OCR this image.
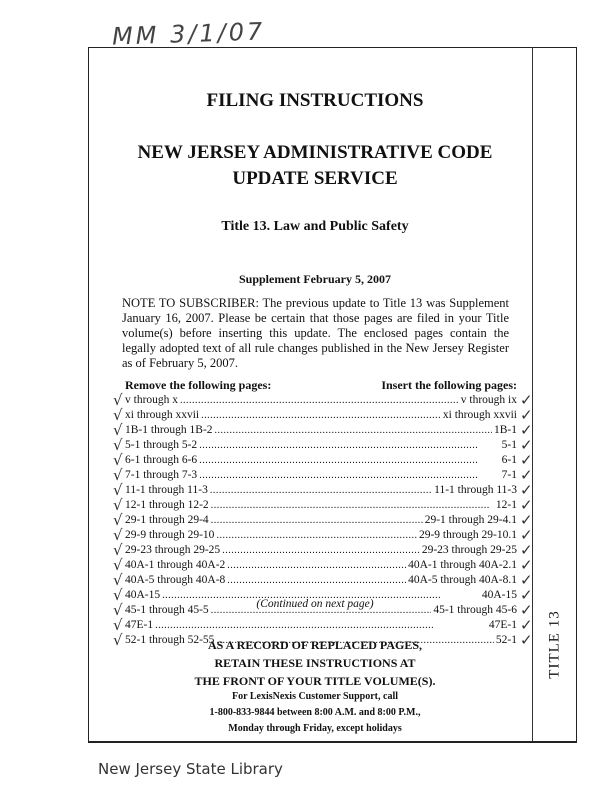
MM 3/1/07
TITLE 13
FILING INSTRUCTIONS
NEW JERSEY ADMINISTRATIVE CODE
UPDATE SERVICE
Title 13. Law and Public Safety
Supplement February 5, 2007
NOTE TO SUBSCRIBER: The previous update to Title 13 was Supplement January 16, 2007. Please be certain that those pages are filed in your Title volume(s) before inserting this update. The enclosed pages contain the legally adopted text of all rule changes published in the New Jersey Register as of February 5, 2007.
Remove the following pages:	Insert the following pages:
v through x . . .	v through ix
xi through xxvii . . .	xi through xxvii
1B-1 through 1B-2 . . .	1B-1
5-1 through 5-2 . . .	5-1
6-1 through 6-6 . . .	6-1
7-1 through 7-3 . . .	7-1
11-1 through 11-3 . . .	11-1 through 11-3
12-1 through 12-2 . . .	12-1
29-1 through 29-4 . . .	29-1 through 29-4.1
29-9 through 29-10 . . .	29-9 through 29-10.1
29-23 through 29-25 . . .	29-23 through 29-25
40A-1 through 40A-2 . . .	40A-1 through 40A-2.1
40A-5 through 40A-8 . . .	40A-5 through 40A-8.1
40A-15 . . .	40A-15
45-1 through 45-5 . . .	45-1 through 45-6
47E-1 . . .	47E-1
52-1 through 52-55 . . .	52-1
√	✓
√	✓
√	✓
√	✓
√	✓
√	✓
√	✓
√	✓
√	✓
√	✓
√	✓
√	✓
√	✓
√	✓
√	✓
√	✓
√	✓
(Continued on next page)
AS A RECORD OF REPLACED PAGES,
RETAIN THESE INSTRUCTIONS AT
THE FRONT OF YOUR TITLE VOLUME(S).
For LexisNexis Customer Support, call
1-800-833-9844 between 8:00 A.M. and 8:00 P.M.,
Monday through Friday, except holidays
New Jersey State Library
